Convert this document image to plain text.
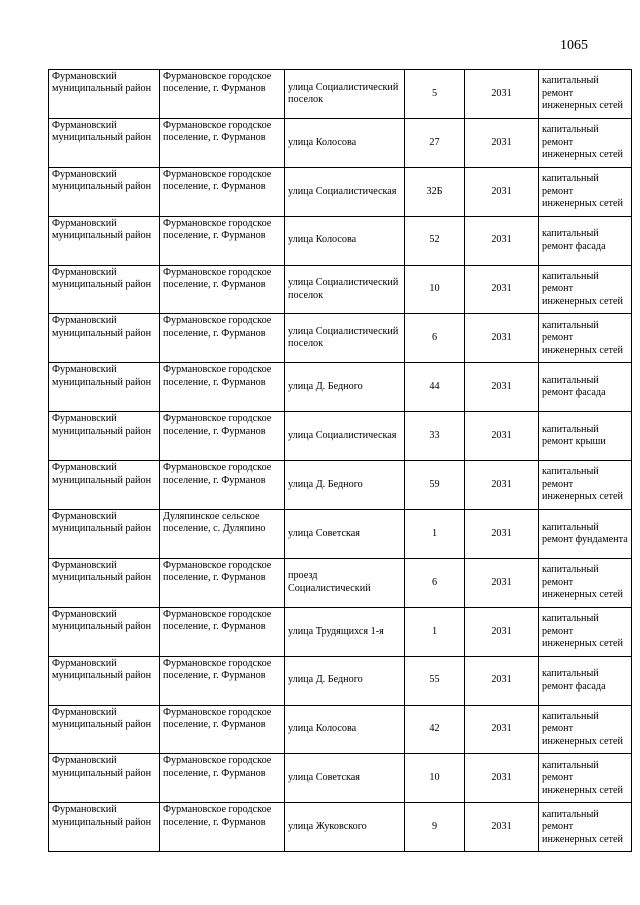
1065
Фурмановский муниципальный район	Фурмановское городское поселение, г. Фурманов	улица Социалистический поселок	5	2031	капитальный ремонт инженерных сетей
Фурмановский муниципальный район	Фурмановское городское поселение, г. Фурманов	улица Колосова	27	2031	капитальный ремонт инженерных сетей
Фурмановский муниципальный район	Фурмановское городское поселение, г. Фурманов	улица Социалистическая	32Б	2031	капитальный ремонт инженерных сетей
Фурмановский муниципальный район	Фурмановское городское поселение, г. Фурманов	улица Колосова	52	2031	капитальный ремонт фасада
Фурмановский муниципальный район	Фурмановское городское поселение, г. Фурманов	улица Социалистический поселок	10	2031	капитальный ремонт инженерных сетей
Фурмановский муниципальный район	Фурмановское городское поселение, г. Фурманов	улица Социалистический поселок	6	2031	капитальный ремонт инженерных сетей
Фурмановский муниципальный район	Фурмановское городское поселение, г. Фурманов	улица Д. Бедного	44	2031	капитальный ремонт фасада
Фурмановский муниципальный район	Фурмановское городское поселение, г. Фурманов	улица Социалистическая	33	2031	капитальный ремонт крыши
Фурмановский муниципальный район	Фурмановское городское поселение, г. Фурманов	улица Д. Бедного	59	2031	капитальный ремонт инженерных сетей
Фурмановский муниципальный район	Дуляпинское сельское поселение, с. Дуляпино	улица Советская	1	2031	капитальный ремонт фундамента
Фурмановский муниципальный район	Фурмановское городское поселение, г. Фурманов	проезд Социалистический	6	2031	капитальный ремонт инженерных сетей
Фурмановский муниципальный район	Фурмановское городское поселение, г. Фурманов	улица Трудящихся 1-я	1	2031	капитальный ремонт инженерных сетей
Фурмановский муниципальный район	Фурмановское городское поселение, г. Фурманов	улица Д. Бедного	55	2031	капитальный ремонт фасада
Фурмановский муниципальный район	Фурмановское городское поселение, г. Фурманов	улица Колосова	42	2031	капитальный ремонт инженерных сетей
Фурмановский муниципальный район	Фурмановское городское поселение, г. Фурманов	улица Советская	10	2031	капитальный ремонт инженерных сетей
Фурмановский муниципальный район	Фурмановское городское поселение, г. Фурманов	улица Жуковского	9	2031	капитальный ремонт инженерных сетей
